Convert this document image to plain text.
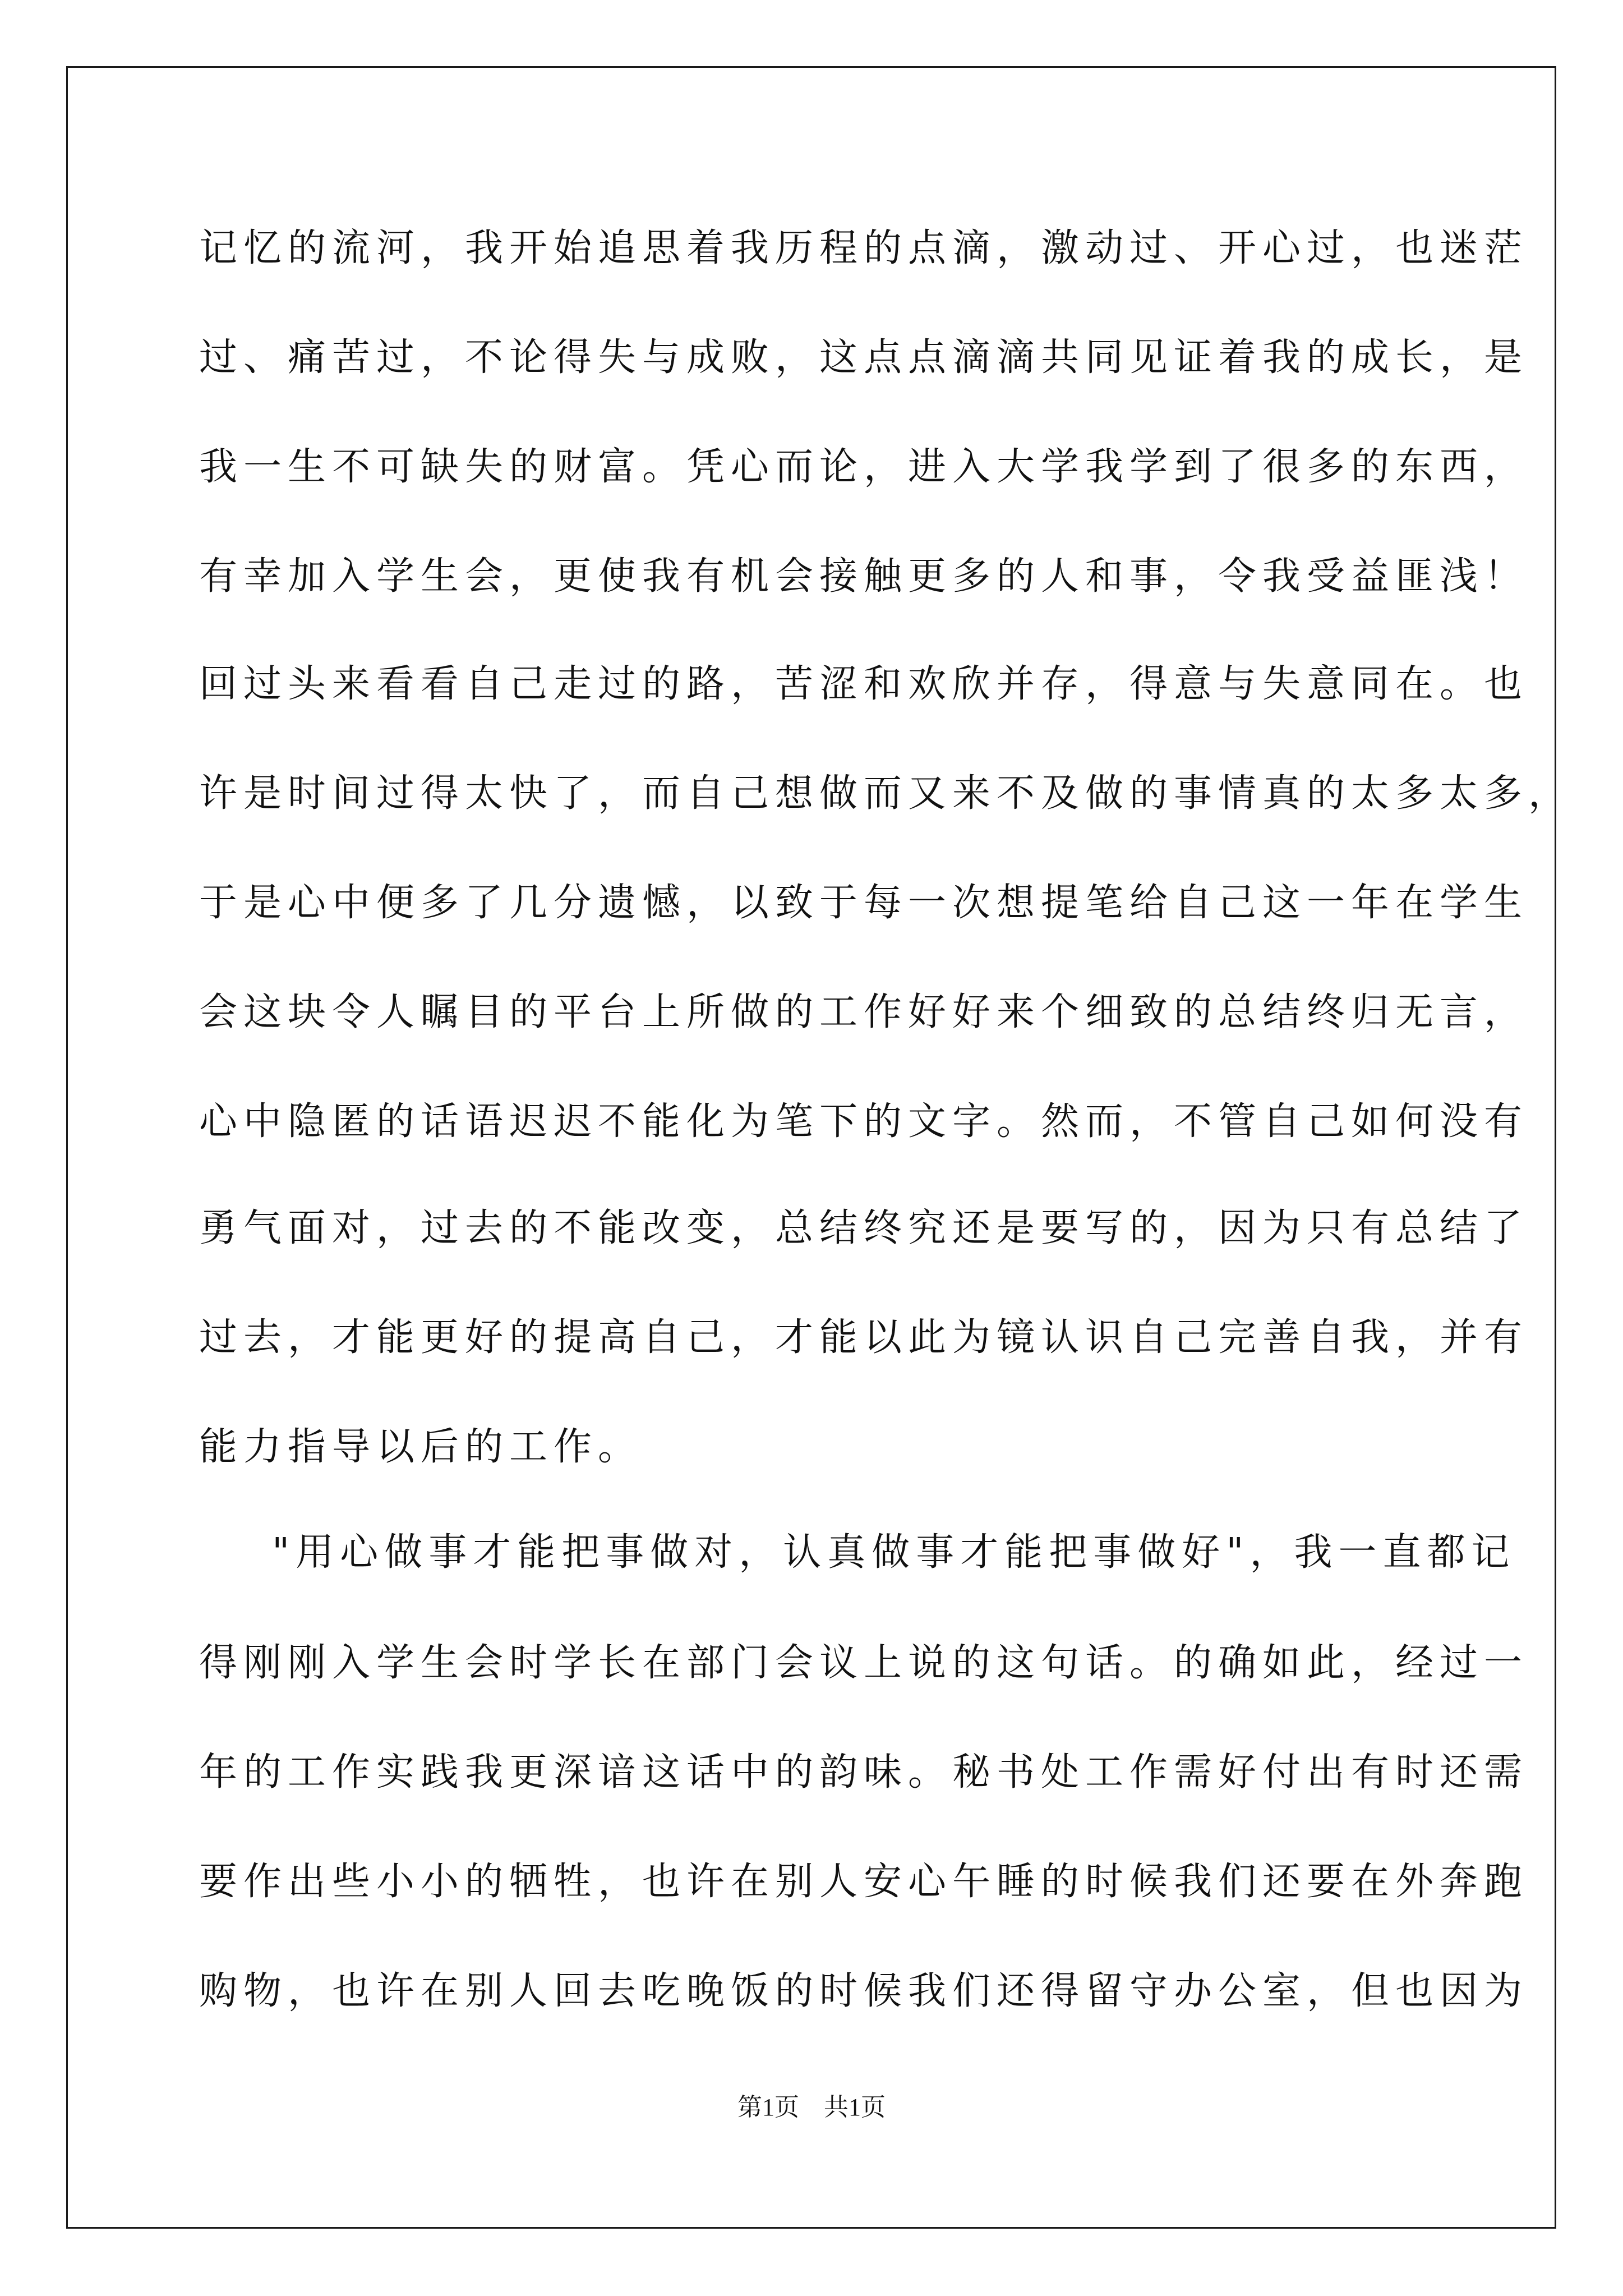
记忆的流河，我开始追思着我历程的点滴，激动过、开心过，也迷茫
过、痛苦过，不论得失与成败，这点点滴滴共同见证着我的成长，是
我一生不可缺失的财富。凭心而论，进入大学我学到了很多的东西，
有幸加入学生会，更使我有机会接触更多的人和事，令我受益匪浅！
回过头来看看自己走过的路，苦涩和欢欣并存，得意与失意同在。也
许是时间过得太快了，而自己想做而又来不及做的事情真的太多太多，
于是心中便多了几分遗憾，以致于每一次想提笔给自己这一年在学生
会这块令人瞩目的平台上所做的工作好好来个细致的总结终归无言，
心中隐匿的话语迟迟不能化为笔下的文字。然而，不管自己如何没有
勇气面对，过去的不能改变，总结终究还是要写的，因为只有总结了
过去，才能更好的提高自己，才能以此为镜认识自己完善自我，并有
能力指导以后的工作。
"用心做事才能把事做对，认真做事才能把事做好"，我一直都记
得刚刚入学生会时学长在部门会议上说的这句话。的确如此，经过一
年的工作实践我更深谙这话中的韵味。秘书处工作需好付出有时还需
要作出些小小的牺牲，也许在别人安心午睡的时候我们还要在外奔跑
购物，也许在别人回去吃晚饭的时候我们还得留守办公室，但也因为
第1页　共1页
